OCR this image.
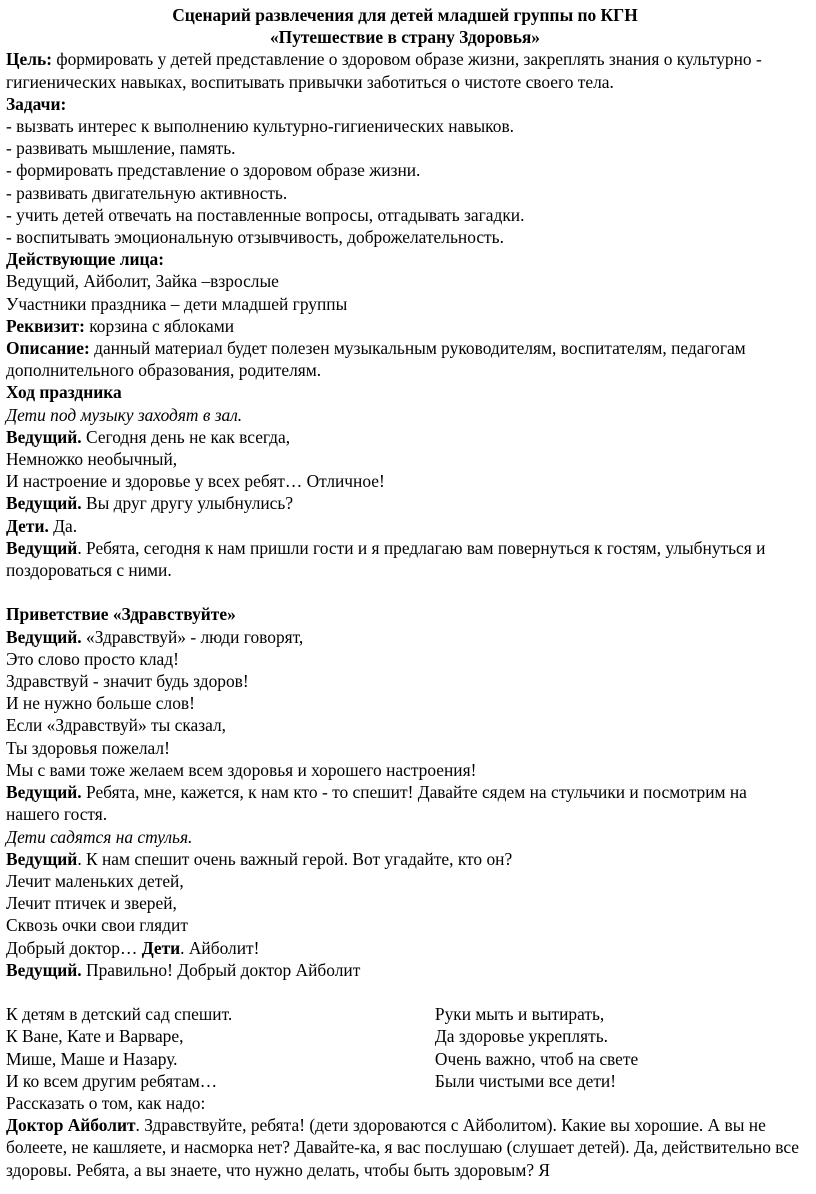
Сценарий развлечения для детей младшей группы по КГН

«Путешествие в страну Здоровья»

Цель: формировать у детей представление о здоровом образе жизни, закреплять знания о культурно - гигиенических навыках, воспитывать привычки заботиться о чистоте своего тела.

Задачи:

- вызвать интерес к выполнению культурно-гигиенических навыков.

- развивать мышление, память.

- формировать представление о здоровом образе жизни.

- развивать двигательную активность.

- учить детей отвечать на поставленные вопросы, отгадывать загадки.

- воспитывать эмоциональную отзывчивость, доброжелательность.

Действующие лица:

Ведущий, Айболит, Зайка –взрослые

Участники праздника – дети младшей группы

Реквизит: корзина с яблоками

Описание: данный материал будет полезен музыкальным руководителям, воспитателям, педагогам дополнительного образования, родителям.

Ход праздника

Дети под музыку заходят в зал.

Ведущий. Сегодня день не как всегда,

Немножко необычный,

И настроение и здоровье у всех ребят… Отличное!

Ведущий. Вы друг другу улыбнулись?

Дети. Да.

Ведущий. Ребята, сегодня к нам пришли гости и я предлагаю вам повернуться к гостям, улыбнуться и поздороваться с ними.

Приветствие «Здравствуйте»

Ведущий. «Здравствуй» - люди говорят,

Это слово просто клад!

Здравствуй - значит будь здоров!

И не нужно больше слов!

Если «Здравствуй» ты сказал,

Ты здоровья пожелал!

Мы с вами тоже желаем всем здоровья и хорошего настроения!

Ведущий. Ребята, мне, кажется, к нам кто - то спешит! Давайте сядем на стульчики и посмотрим на нашего гостя.

Дети садятся на стулья.

Ведущий. К нам спешит очень важный герой. Вот угадайте, кто он?

Лечит маленьких детей,

Лечит птичек и зверей,

Сквозь очки свои глядит

Добрый доктор… Дети. Айболит!

Ведущий. Правильно! Добрый доктор Айболит

К детям в детский сад спешит.

К Ване, Кате и Варваре,

Мише, Маше и Назару.

И ко всем другим ребятам…

Руки мыть и вытирать,

Да здоровье укреплять.

Очень важно, чтоб на свете

Были чистыми все дети!

Рассказать о том, как надо:

Доктор Айболит. Здравствуйте, ребята! (дети здороваются с Айболитом). Какие вы хорошие. А вы не болеете, не кашляете, и насморка нет? Давайте-ка, я вас послушаю (слушает детей). Да, действительно все здоровы. Ребята, а вы знаете, что нужно делать, чтобы быть здоровым? Я
